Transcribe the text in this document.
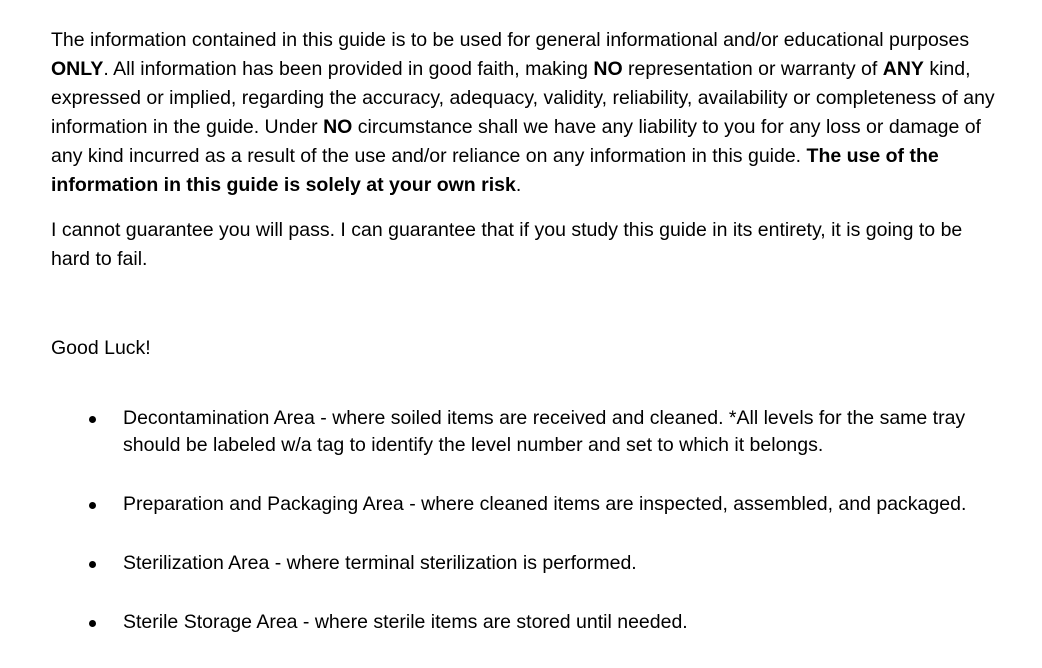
The information contained in this guide is to be used for general informational and/or educational purposes ONLY. All information has been provided in good faith, making NO representation or warranty of ANY kind, expressed or implied, regarding the accuracy, adequacy, validity, reliability, availability or completeness of any information in the guide. Under NO circumstance shall we have any liability to you for any loss or damage of any kind incurred as a result of the use and/or reliance on any information in this guide. The use of the information in this guide is solely at your own risk.

I cannot guarantee you will pass. I can guarantee that if you study this guide in its entirety, it is going to be hard to fail.

Good Luck!

Decontamination Area - where soiled items are received and cleaned. *All levels for the same tray should be labeled w/a tag to identify the level number and set to which it belongs.
Preparation and Packaging Area - where cleaned items are inspected, assembled, and packaged.
Sterilization Area - where terminal sterilization is performed.
Sterile Storage Area - where sterile items are stored until needed.
